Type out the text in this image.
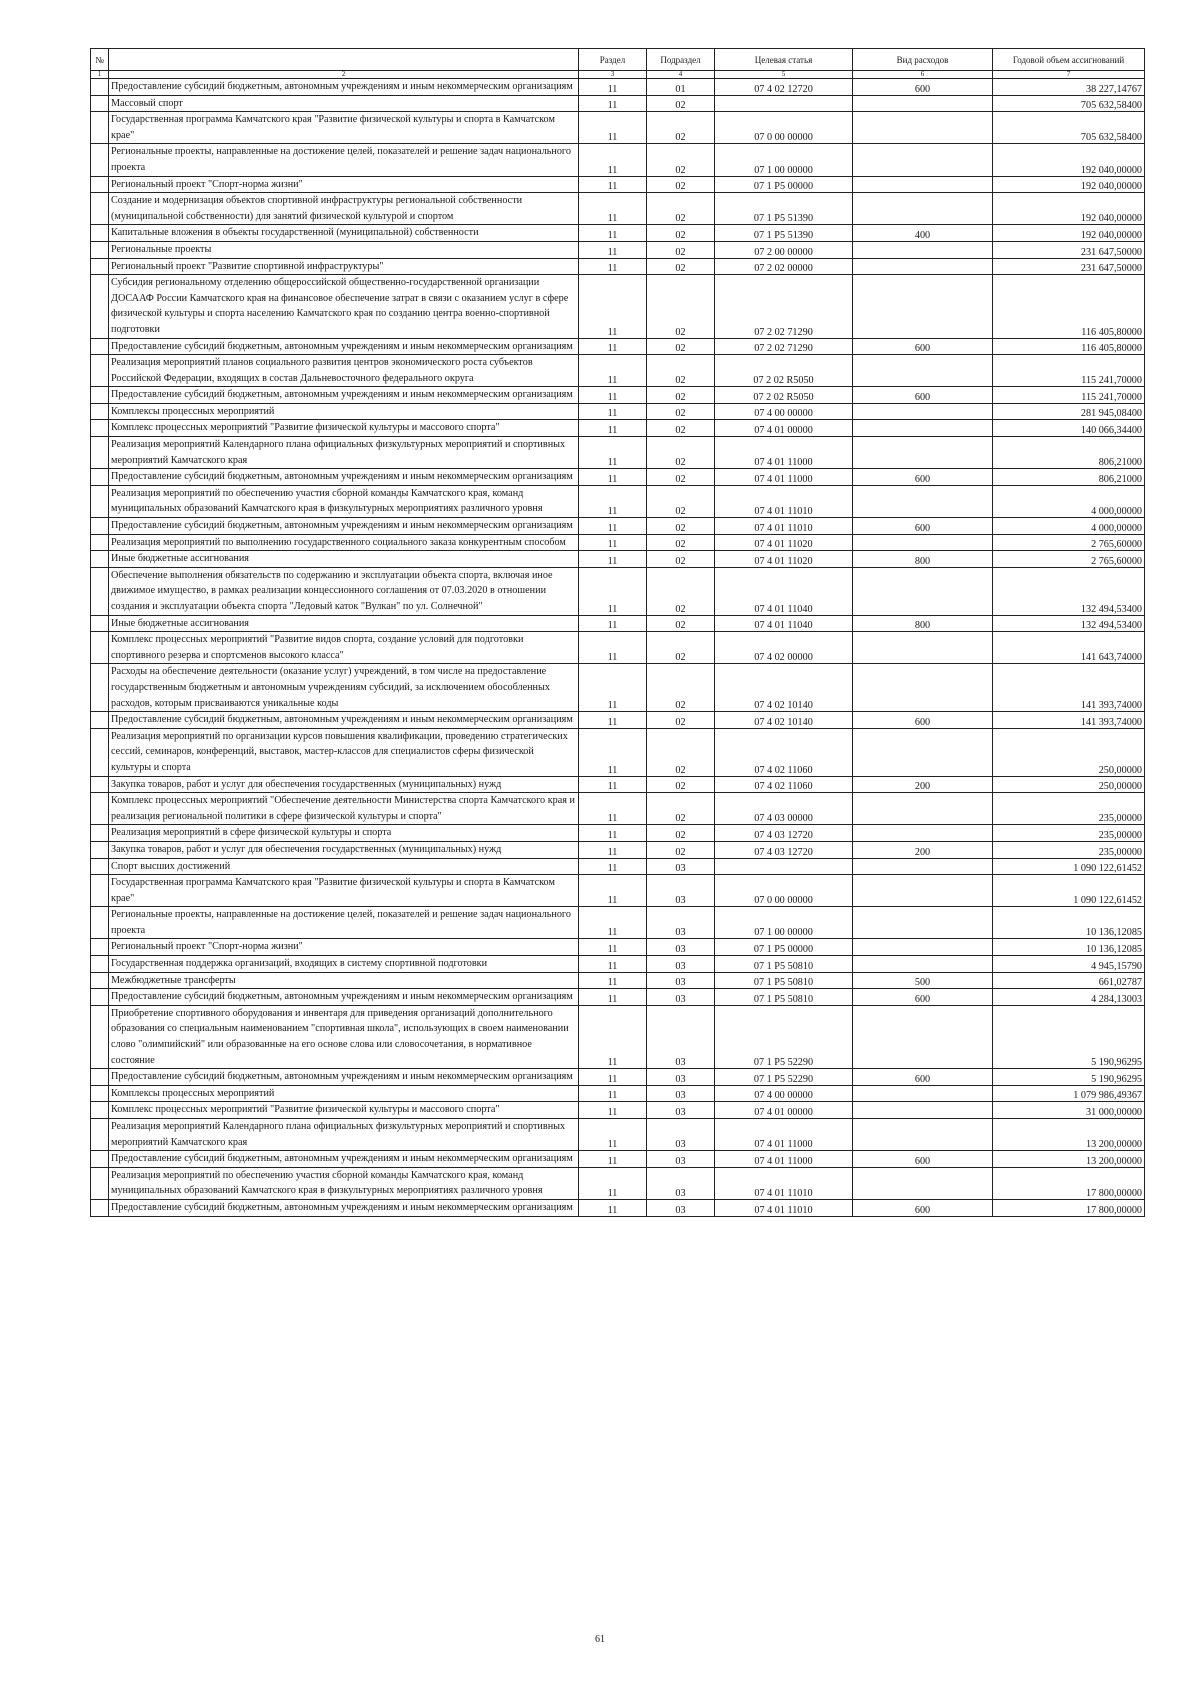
№		Раздел	Подраздел	Целевая статья	Вид расходов	Годовой объем ассигнований
1	2	3	4	5	6	7
	Предоставление субсидий бюджетным, автономным учреждениям и иным некоммерческим организациям	11	01	07 4 02 12720	600	38 227,14767
	Массовый спорт	11	02			705 632,58400
	Государственная программа Камчатского края "Развитие физической культуры и спорта в Камчатском крае"	11	02	07 0 00 00000		705 632,58400
	Региональные проекты, направленные на достижение целей, показателей и решение задач национального проекта	11	02	07 1 00 00000		192 040,00000
	Региональный проект "Спорт-норма жизни"	11	02	07 1 P5 00000		192 040,00000
	Создание и модернизация объектов спортивной инфраструктуры региональной собственности (муниципальной собственности) для занятий физической культурой и спортом	11	02	07 1 P5 51390		192 040,00000
	Капитальные вложения в объекты государственной (муниципальной) собственности	11	02	07 1 P5 51390	400	192 040,00000
	Региональные проекты	11	02	07 2 00 00000		231 647,50000
	Региональный проект "Развитие спортивной инфраструктуры"	11	02	07 2 02 00000		231 647,50000
	Субсидия региональному отделению общероссийской общественно-государственной организации ДОСААФ России Камчатского края на финансовое обеспечение затрат в связи с оказанием услуг в сфере физической культуры и спорта населению Камчатского края по созданию центра военно-спортивной подготовки	11	02	07 2 02 71290		116 405,80000
	Предоставление субсидий бюджетным, автономным учреждениям и иным некоммерческим организациям	11	02	07 2 02 71290	600	116 405,80000
	Реализация мероприятий планов социального развития центров экономического роста субъектов Российской Федерации, входящих в состав Дальневосточного федерального округа	11	02	07 2 02 R5050		115 241,70000
	Предоставление субсидий бюджетным, автономным учреждениям и иным некоммерческим организациям	11	02	07 2 02 R5050	600	115 241,70000
	Комплексы процессных мероприятий	11	02	07 4 00 00000		281 945,08400
	Комплекс процессных мероприятий "Развитие физической культуры и массового спорта"	11	02	07 4 01 00000		140 066,34400
	Реализация мероприятий Календарного плана официальных физкультурных мероприятий и спортивных мероприятий Камчатского края	11	02	07 4 01 11000		806,21000
	Предоставление субсидий бюджетным, автономным учреждениям и иным некоммерческим организациям	11	02	07 4 01 11000	600	806,21000
	Реализация мероприятий по обеспечению участия сборной команды Камчатского края, команд муниципальных образований Камчатского края в физкультурных мероприятиях различного уровня	11	02	07 4 01 11010		4 000,00000
	Предоставление субсидий бюджетным, автономным учреждениям и иным некоммерческим организациям	11	02	07 4 01 11010	600	4 000,00000
	Реализация мероприятий по выполнению государственного социального заказа конкурентным способом	11	02	07 4 01 11020		2 765,60000
	Иные бюджетные ассигнования	11	02	07 4 01 11020	800	2 765,60000
	Обеспечение выполнения обязательств по содержанию и эксплуатации объекта спорта, включая иное движимое имущество, в рамках реализации концессионного соглашения от 07.03.2020 в отношении создания и эксплуатации объекта спорта "Ледовый каток "Вулкан" по ул. Солнечной"	11	02	07 4 01 11040		132 494,53400
	Иные бюджетные ассигнования	11	02	07 4 01 11040	800	132 494,53400
	Комплекс процессных мероприятий "Развитие видов спорта, создание условий для подготовки спортивного резерва и спортсменов высокого класса"	11	02	07 4 02 00000		141 643,74000
	Расходы на обеспечение деятельности (оказание услуг) учреждений, в том числе на предоставление государственным бюджетным и автономным учреждениям субсидий, за исключением обособленных расходов, которым присваиваются уникальные коды	11	02	07 4 02 10140		141 393,74000
	Предоставление субсидий бюджетным, автономным учреждениям и иным некоммерческим организациям	11	02	07 4 02 10140	600	141 393,74000
	Реализация мероприятий по организации курсов повышения квалификации, проведению стратегических сессий, семинаров, конференций, выставок, мастер-классов для специалистов сферы физической культуры и спорта	11	02	07 4 02 11060		250,00000
	Закупка товаров, работ и услуг для обеспечения государственных (муниципальных) нужд	11	02	07 4 02 11060	200	250,00000
	Комплекс процессных мероприятий "Обеспечение деятельности Министерства спорта Камчатского края и реализация региональной политики в сфере физической культуры и спорта"	11	02	07 4 03 00000		235,00000
	Реализация мероприятий в сфере физической культуры и спорта	11	02	07 4 03 12720		235,00000
	Закупка товаров, работ и услуг для обеспечения государственных (муниципальных) нужд	11	02	07 4 03 12720	200	235,00000
	Спорт высших достижений	11	03			1 090 122,61452
	Государственная программа Камчатского края "Развитие физической культуры и спорта в Камчатском крае"	11	03	07 0 00 00000		1 090 122,61452
	Региональные проекты, направленные на достижение целей, показателей и решение задач национального проекта	11	03	07 1 00 00000		10 136,12085
	Региональный проект "Спорт-норма жизни"	11	03	07 1 P5 00000		10 136,12085
	Государственная поддержка организаций, входящих в систему спортивной подготовки	11	03	07 1 P5 50810		4 945,15790
	Межбюджетные трансферты	11	03	07 1 P5 50810	500	661,02787
	Предоставление субсидий бюджетным, автономным учреждениям и иным некоммерческим организациям	11	03	07 1 P5 50810	600	4 284,13003
	Приобретение спортивного оборудования и инвентаря для приведения организаций дополнительного образования со специальным наименованием "спортивная школа", использующих в своем наименовании слово "олимпийский" или образованные на его основе слова или словосочетания, в нормативное состояние	11	03	07 1 P5 52290		5 190,96295
	Предоставление субсидий бюджетным, автономным учреждениям и иным некоммерческим организациям	11	03	07 1 P5 52290	600	5 190,96295
	Комплексы процессных мероприятий	11	03	07 4 00 00000		1 079 986,49367
	Комплекс процессных мероприятий "Развитие физической культуры и массового спорта"	11	03	07 4 01 00000		31 000,00000
	Реализация мероприятий Календарного плана официальных физкультурных мероприятий и спортивных мероприятий Камчатского края	11	03	07 4 01 11000		13 200,00000
	Предоставление субсидий бюджетным, автономным учреждениям и иным некоммерческим организациям	11	03	07 4 01 11000	600	13 200,00000
	Реализация мероприятий по обеспечению участия сборной команды Камчатского края, команд муниципальных образований Камчатского края в физкультурных мероприятиях различного уровня	11	03	07 4 01 11010		17 800,00000
	Предоставление субсидий бюджетным, автономным учреждениям и иным некоммерческим организациям	11	03	07 4 01 11010	600	17 800,00000
61
